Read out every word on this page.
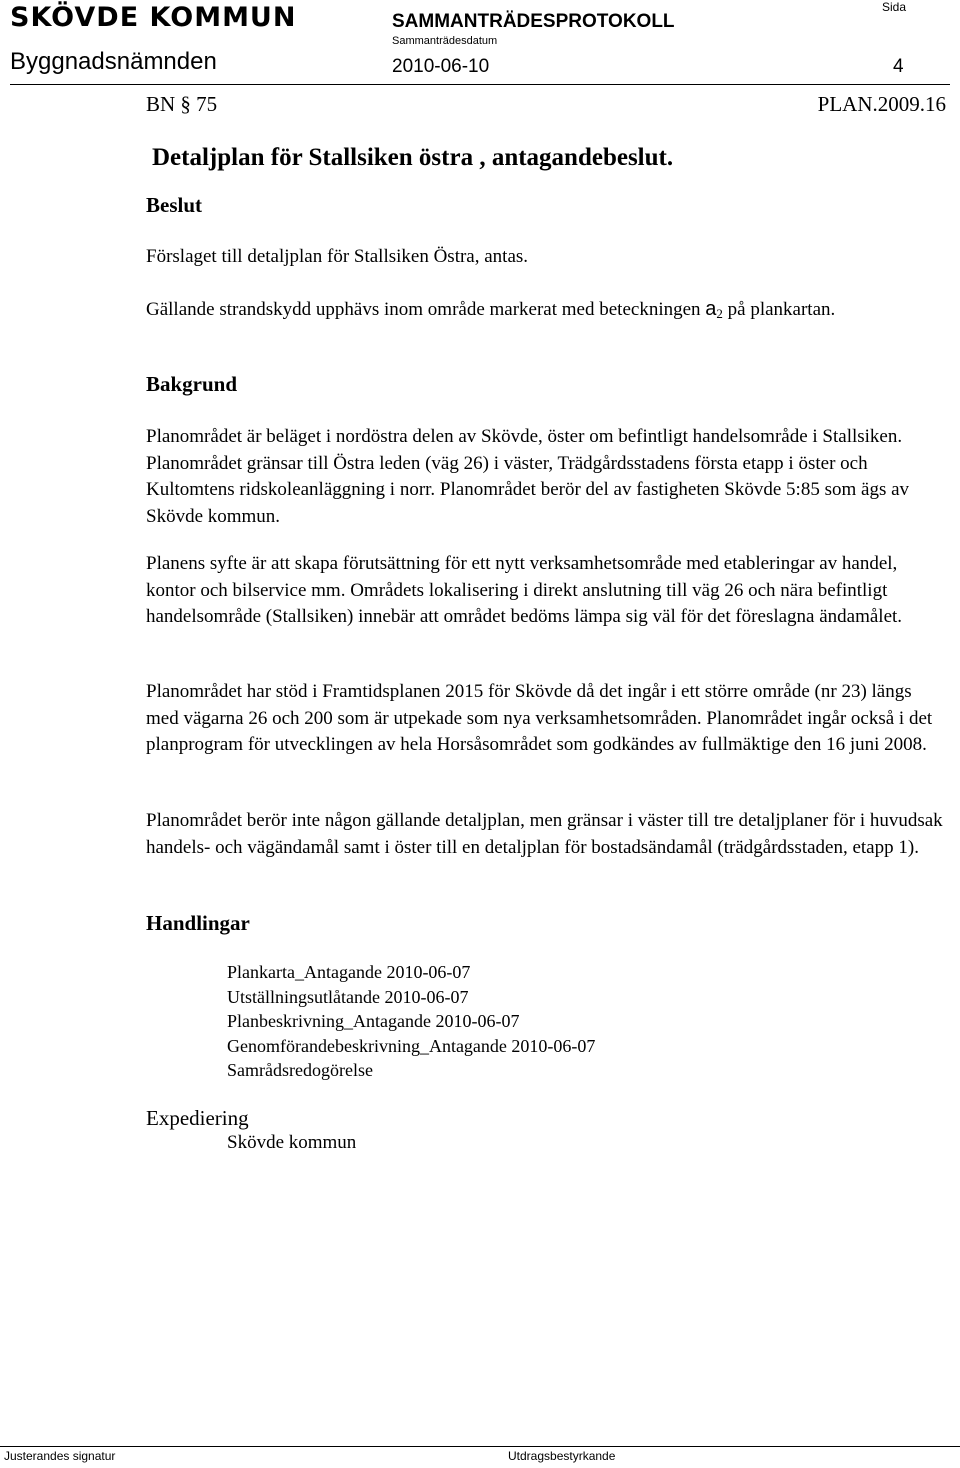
SKÖVDE KOMMUN	SAMMANTRÄDESPROTOKOLL
Sida
Byggnadsnämnden
Sammanträdesdatum
2010-06-10	4
BN § 75	PLAN.2009.16
Detaljplan för Stallsiken östra , antagandebeslut.
Beslut
Förslaget till detaljplan för Stallsiken Östra, antas.
Gällande strandskydd upphävs inom område markerat med beteckningen $a_2$ på plankartan.
Bakgrund
Planområdet är beläget i nordöstra delen av Skövde, öster om befintligt handelsområde i Stallsiken. Planområdet gränsar till Östra leden (väg 26) i väster, Trädgårdsstadens första etapp i öster och Kultomtens ridskoleanläggning i norr. Planområdet berör del av fastigheten Skövde 5:85 som ägs av Skövde kommun.
Planens syfte är att skapa förutsättning för ett nytt verksamhetsområde med etableringar av handel, kontor och bilservice mm. Områdets lokalisering i direkt anslutning till väg 26 och nära befintligt handelsområde (Stallsiken) innebär att området bedöms lämpa sig väl för det föreslagna ändamålet.
Planområdet har stöd i Framtidsplanen 2015 för Skövde då det ingår i ett större område (nr 23) längs med vägarna 26 och 200 som är utpekade som nya verksamhetsområden. Planområdet ingår också i det planprogram för utvecklingen av hela Horsåsområdet som godkändes av fullmäktige den 16 juni 2008.
Planområdet berör inte någon gällande detaljplan, men gränsar i väster till tre detaljplaner för i huvudsak handels- och vägändamål samt i öster till en detaljplan för bostadsändamål (trädgårdsstaden, etapp 1).
Handlingar
Plankarta_Antagande 2010-06-07
Utställningsutlåtande 2010-06-07
Planbeskrivning_Antagande 2010-06-07
Genomförandebeskrivning_Antagande 2010-06-07
Samrådsredogörelse
Expediering
Skövde kommun
Justerandes signatur	Utdragsbestyrkande
